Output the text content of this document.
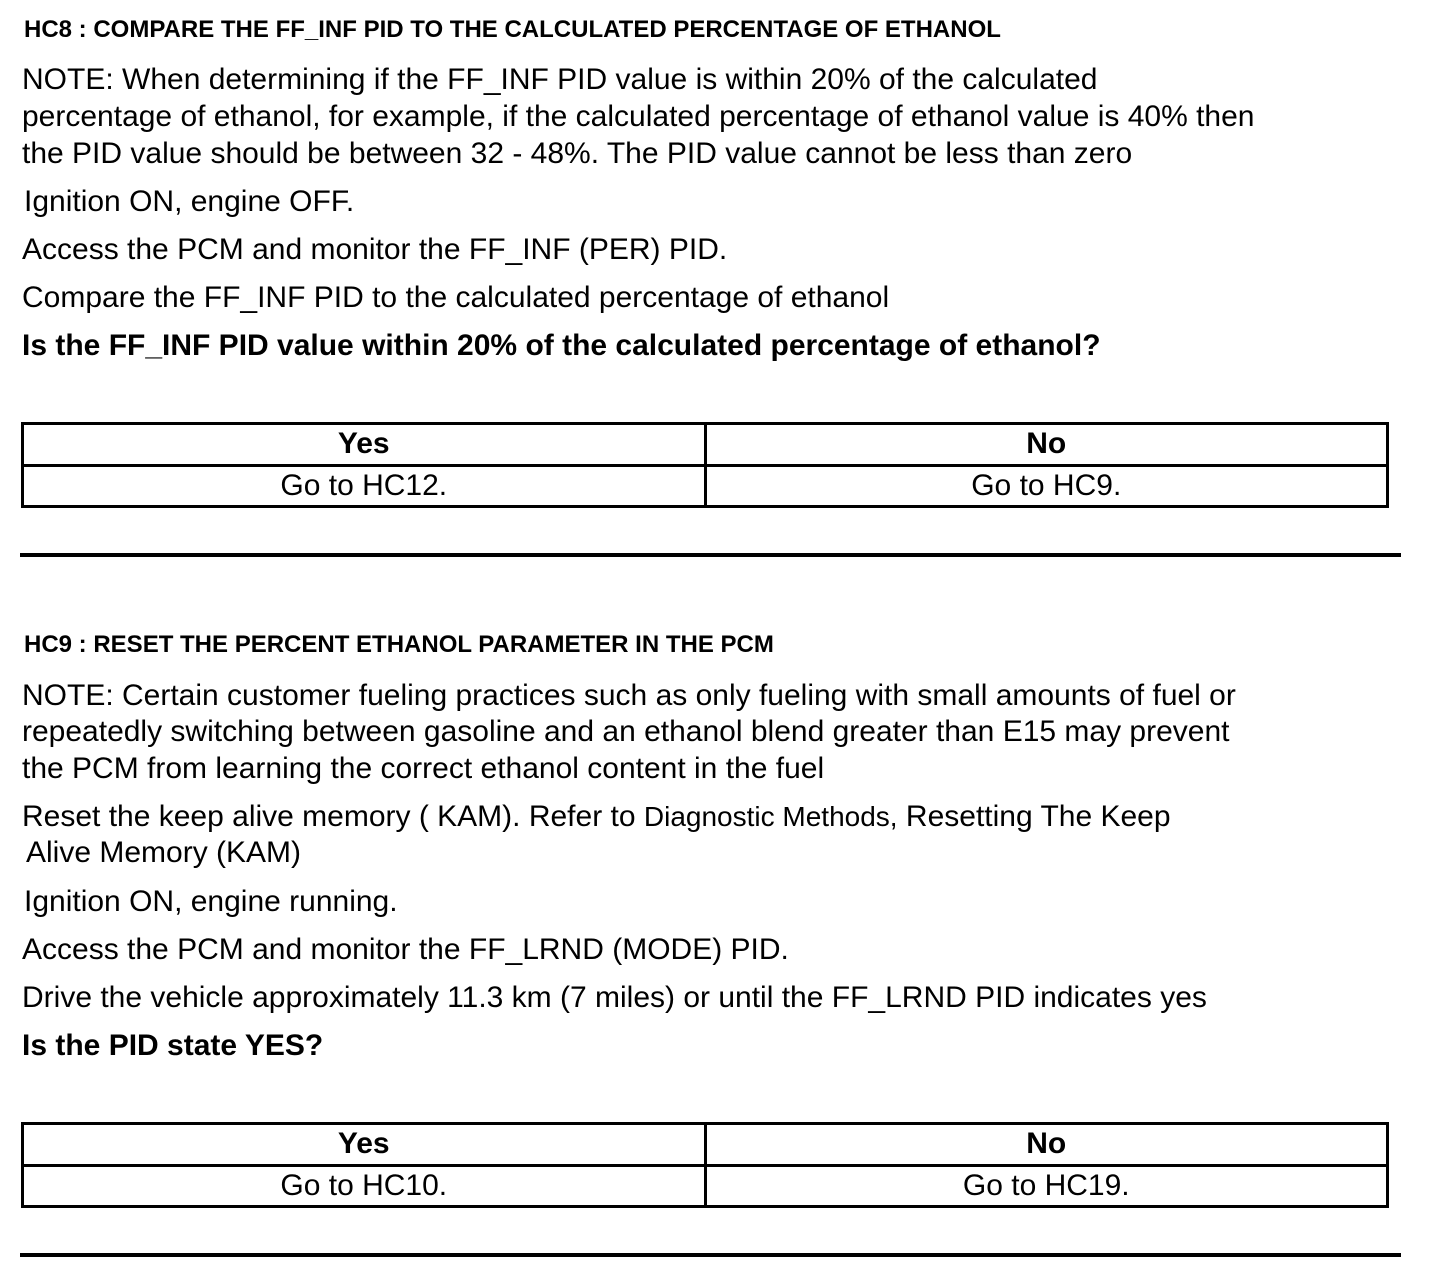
HC8 : COMPARE THE FF_INF PID TO THE CALCULATED PERCENTAGE OF ETHANOL
NOTE: When determining if the FF_INF PID value is within 20% of the calculated
percentage of ethanol, for example, if the calculated percentage of ethanol value is 40% then
the PID value should be between 32 - 48%. The PID value cannot be less than zero
Ignition ON, engine OFF.
Access the PCM and monitor the FF_INF (PER) PID.
Compare the FF_INF PID to the calculated percentage of ethanol
Is the FF_INF PID value within 20% of the calculated percentage of ethanol?
Yes	No
Go to HC12.	Go to HC9.
HC9 : RESET THE PERCENT ETHANOL PARAMETER IN THE PCM
NOTE: Certain customer fueling practices such as only fueling with small amounts of fuel or
repeatedly switching between gasoline and an ethanol blend greater than E15 may prevent
the PCM from learning the correct ethanol content in the fuel
Reset the keep alive memory ( KAM). Refer to Diagnostic Methods, Resetting The Keep
Alive Memory (KAM)
Ignition ON, engine running.
Access the PCM and monitor the FF_LRND (MODE) PID.
Drive the vehicle approximately 11.3 km (7 miles) or until the FF_LRND PID indicates yes
Is the PID state YES?
Yes	No
Go to HC10.	Go to HC19.
